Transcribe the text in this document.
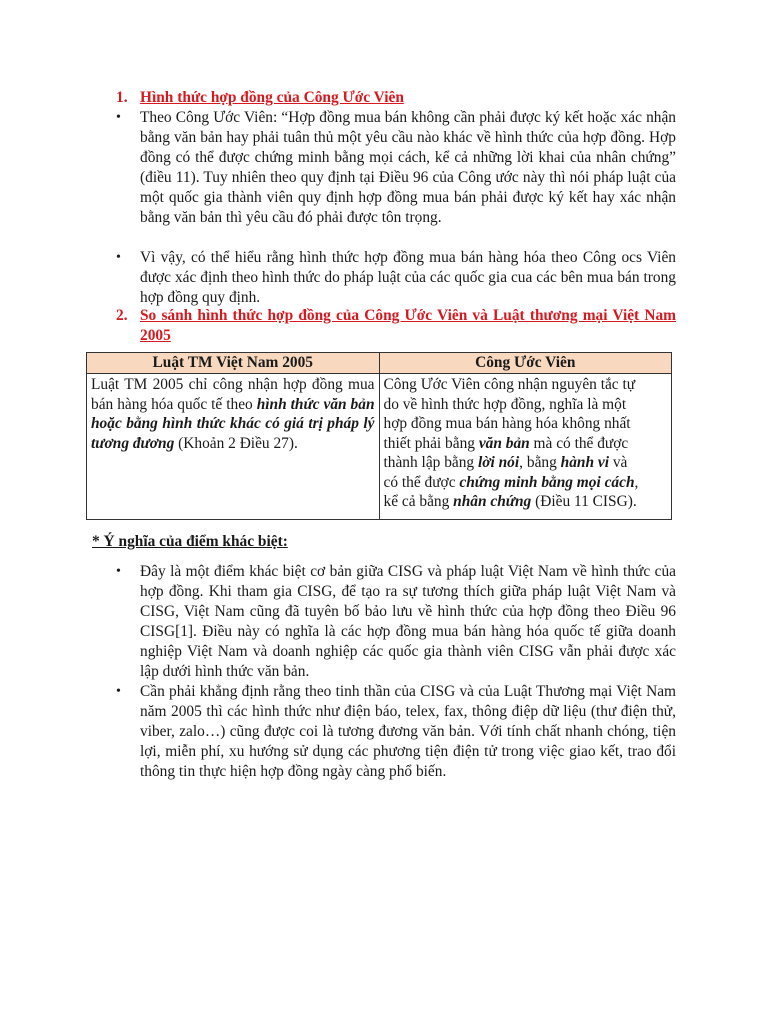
1. Hình thức hợp đồng của Công Ước Viên
•	Theo Công Ước Viên: “Hợp đồng mua bán không cần phải được ký kết hoặc xác nhận bằng văn bản hay phải tuân thủ một yêu cầu nào khác về hình thức của hợp đồng. Hợp đồng có thể được chứng minh bằng mọi cách, kể cả những lời khai của nhân chứng” (điều 11). Tuy nhiên theo quy định tại Điều 96 của Công ước này thì nói pháp luật của một quốc gia thành viên quy định hợp đồng mua bán phải được ký kết hay xác nhận bằng văn bản thì yêu cầu đó phải được tôn trọng.
•	Vì vậy, có thể hiểu rằng hình thức hợp đồng mua bán hàng hóa theo Công ocs Viên được xác định theo hình thức do pháp luật của các quốc gia cua các bên mua bán trong hợp đồng quy định.
2. So sánh hình thức hợp đồng của Công Ước Viên và Luật thương mại Việt Nam 2005
Luật TM Việt Nam 2005	Công Ước Viên
Luật TM 2005 chỉ công nhận hợp đồng mua bán hàng hóa quốc tế theo hình thức văn bản hoặc bằng hình thức khác có giá trị pháp lý tương đương (Khoản 2 Điều 27).	Công Ước Viên công nhận nguyên tắc tự do về hình thức hợp đồng, nghĩa là một hợp đồng mua bán hàng hóa không nhất thiết phải bằng văn bản mà có thể được thành lập bằng lời nói, bằng hành vi và có thể được chứng minh bằng mọi cách, kể cả bằng nhân chứng (Điều 11 CISG).
* Ý nghĩa của điểm khác biệt:
•	Đây là một điểm khác biệt cơ bản giữa CISG và pháp luật Việt Nam về hình thức của hợp đồng. Khi tham gia CISG, để tạo ra sự tương thích giữa pháp luật Việt Nam và CISG, Việt Nam cũng đã tuyên bố bảo lưu về hình thức của hợp đồng theo Điều 96 CISG[1]. Điều này có nghĩa là các hợp đồng mua bán hàng hóa quốc tế giữa doanh nghiệp Việt Nam và doanh nghiệp các quốc gia thành viên CISG vẫn phải được xác lập dưới hình thức văn bản.
•	Cần phải khẳng định rằng theo tinh thần của CISG và của Luật Thương mại Việt Nam năm 2005 thì các hình thức như điện báo, telex, fax, thông điệp dữ liệu (thư điện thử, viber, zalo…) cũng được coi là tương đương văn bản. Với tính chất nhanh chóng, tiện lợi, miễn phí, xu hướng sử dụng các phương tiện điện tử trong việc giao kết, trao đổi thông tin thực hiện hợp đồng ngày càng phổ biến.
